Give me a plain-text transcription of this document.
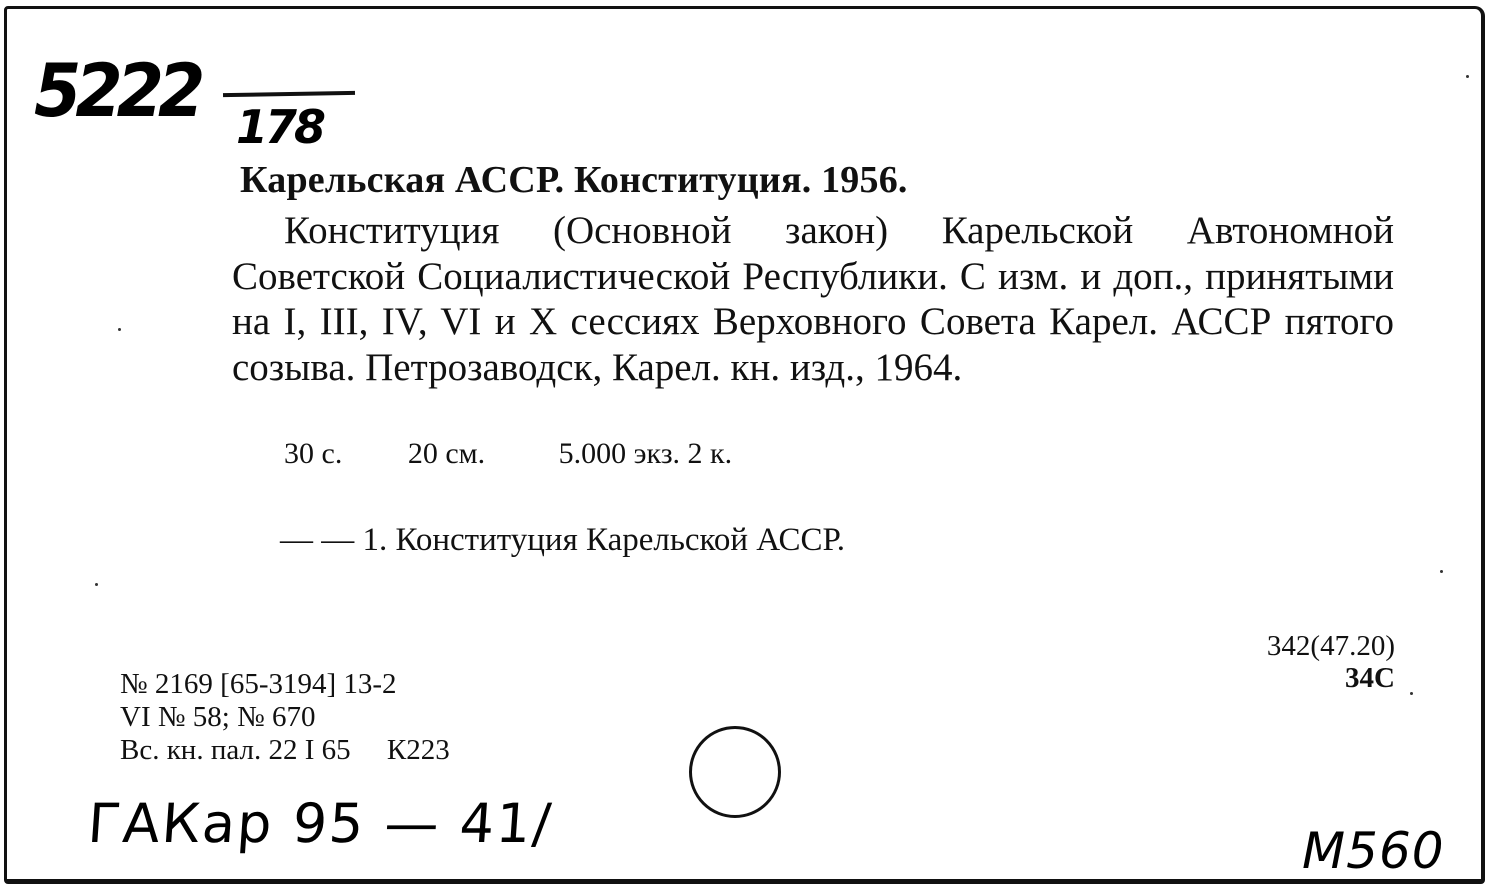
5222 178
Карельская АССР. Конституция. 1956.
Конституция (Основной закон) Карельской Автономной Советской Социалистической Республики. С изм. и доп., принятыми на I, III, IV, VI и X сессиях Верховного Совета Карел. АССР пятого созыва. Петрозаводск, Карел. кн. изд., 1964.
30 с. 20 см. 5.000 экз. 2 к.
— — 1. Конституция Карельской АССР.
342(47.20)
34С
№ 2169 [65-3194] 13-2
VI № 58; № 670
Вс. кн. пал. 22 I 65     К223
ГАКар 95 — 41/	М560
